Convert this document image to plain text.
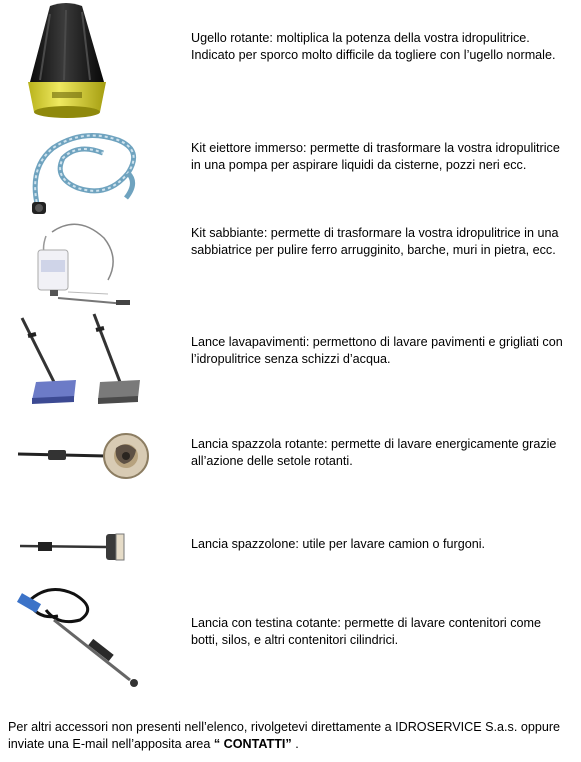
Ugello rotante: moltiplica la potenza della vostra idropulitrice. Indicato per sporco molto difficile da togliere con l’ugello normale.
Kit eiettore immerso: permette di trasformare la vostra idropulitrice in una pompa per aspirare liquidi da cisterne, pozzi neri ecc.
Kit sabbiante: permette di trasformare la vostra idropulitrice in una sabbiatrice per pulire ferro arrugginito, barche, muri in pietra, ecc.
Lance lavapavimenti: permettono di lavare pavimenti e grigliati con l’idropulitrice senza schizzi d’acqua.
Lancia spazzola rotante: permette di lavare energicamente grazie all’azione delle setole rotanti.
Lancia spazzolone: utile per lavare camion o furgoni.
Lancia con testina cotante: permette di lavare contenitori come botti, silos, e altri contenitori cilindrici.
Per altri accessori non presenti nell’elenco, rivolgetevi direttamente a IDROSERVICE S.a.s. oppure inviate una E-mail nell’apposita area “ CONTATTI” .
